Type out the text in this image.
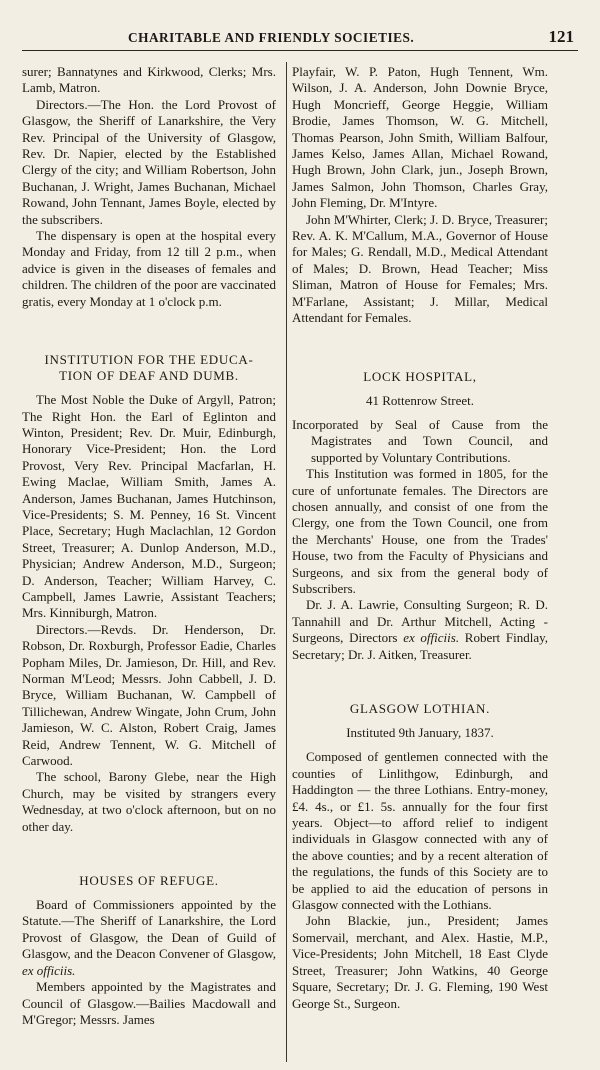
CHARITABLE AND FRIENDLY SOCIETIES.	121

surer; Bannatynes and Kirkwood, Clerks; Mrs. Lamb, Matron.

Directors.—The Hon. the Lord Provost of Glasgow, the Sheriff of Lanarkshire, the Very Rev. Principal of the University of Glasgow, Rev. Dr. Napier, elected by the Established Clergy of the city; and William Robertson, John Buchanan, J. Wright, James Buchanan, Michael Rowand, John Tennant, James Boyle, elected by the subscribers.

The dispensary is open at the hospital every Monday and Friday, from 12 till 2 p.m., when advice is given in the diseases of females and children. The children of the poor are vaccinated gratis, every Monday at 1 o'clock p.m.

INSTITUTION FOR THE EDUCA-

TION OF DEAF AND DUMB.

The Most Noble the Duke of Argyll, Patron; The Right Hon. the Earl of Eglinton and Winton, President; Rev. Dr. Muir, Edinburgh, Honorary Vice-President; Hon. the Lord Provost, Very Rev. Principal Macfarlan, H. Ewing Maclae, William Smith, James A. Anderson, James Buchanan, James Hutchinson, Vice-Presidents; S. M. Penney, 16 St. Vincent Place, Secretary; Hugh Maclachlan, 12 Gordon Street, Treasurer; A. Dunlop Anderson, M.D., Physician; Andrew Anderson, M.D., Surgeon; D. Anderson, Teacher; William Harvey, C. Campbell, James Lawrie, Assistant Teachers; Mrs. Kinniburgh, Matron.

Directors.—Revds. Dr. Henderson, Dr. Robson, Dr. Roxburgh, Professor Eadie, Charles Popham Miles, Dr. Jamieson, Dr. Hill, and Rev. Norman M'Leod; Messrs. John Cabbell, J. D. Bryce, William Buchanan, W. Campbell of Tillichewan, Andrew Wingate, John Crum, John Jamieson, W. C. Alston, Robert Craig, James Reid, Andrew Tennent, W. G. Mitchell of Carwood.

The school, Barony Glebe, near the High Church, may be visited by strangers every Wednesday, at two o'clock afternoon, but on no other day.

HOUSES OF REFUGE.

Board of Commissioners appointed by the Statute.—The Sheriff of Lanarkshire, the Lord Provost of Glasgow, the Dean of Guild of Glasgow, and the Deacon Convener of Glasgow, ex officiis.

Members appointed by the Magistrates and Council of Glasgow.—Bailies Macdowall and M'Gregor; Messrs. James

Playfair, W. P. Paton, Hugh Tennent, Wm. Wilson, J. A. Anderson, John Downie Bryce, Hugh Moncrieff, George Heggie, William Brodie, James Thomson, W. G. Mitchell, Thomas Pearson, John Smith, William Balfour, James Kelso, James Allan, Michael Rowand, Hugh Brown, John Clark, jun., Joseph Brown, James Salmon, John Thomson, Charles Gray, John Fleming, Dr. M'Intyre.

John M'Whirter, Clerk; J. D. Bryce, Treasurer; Rev. A. K. M'Callum, M.A., Governor of House for Males; G. Rendall, M.D., Medical Attendant of Males; D. Brown, Head Teacher; Miss Sliman, Matron of House for Females; Mrs. M'Farlane, Assistant; J. Millar, Medical Attendant for Females.

LOCK HOSPITAL,

41 Rottenrow Street.

Incorporated by Seal of Cause from the Magistrates and Town Council, and supported by Voluntary Contributions.

This Institution was formed in 1805, for the cure of unfortunate females. The Directors are chosen annually, and consist of one from the Clergy, one from the Town Council, one from the Merchants' House, one from the Trades' House, two from the Faculty of Physicians and Surgeons, and six from the general body of Subscribers.

Dr. J. A. Lawrie, Consulting Surgeon; R. D. Tannahill and Dr. Arthur Mitchell, Acting - Surgeons, Directors ex officiis. Robert Findlay, Secretary; Dr. J. Aitken, Treasurer.

GLASGOW LOTHIAN.

Instituted 9th January, 1837.

Composed of gentlemen connected with the counties of Linlithgow, Edinburgh, and Haddington — the three Lothians. Entry-money, £4. 4s., or £1. 5s. annually for the four first years. Object—to afford relief to indigent individuals in Glasgow connected with any of the above counties; and by a recent alteration of the regulations, the funds of this Society are to be applied to aid the education of persons in Glasgow connected with the Lothians.

John Blackie, jun., President; James Somervail, merchant, and Alex. Hastie, M.P., Vice-Presidents; John Mitchell, 18 East Clyde Street, Treasurer; John Watkins, 40 George Square, Secretary; Dr. J. G. Fleming, 190 West George St., Surgeon.
